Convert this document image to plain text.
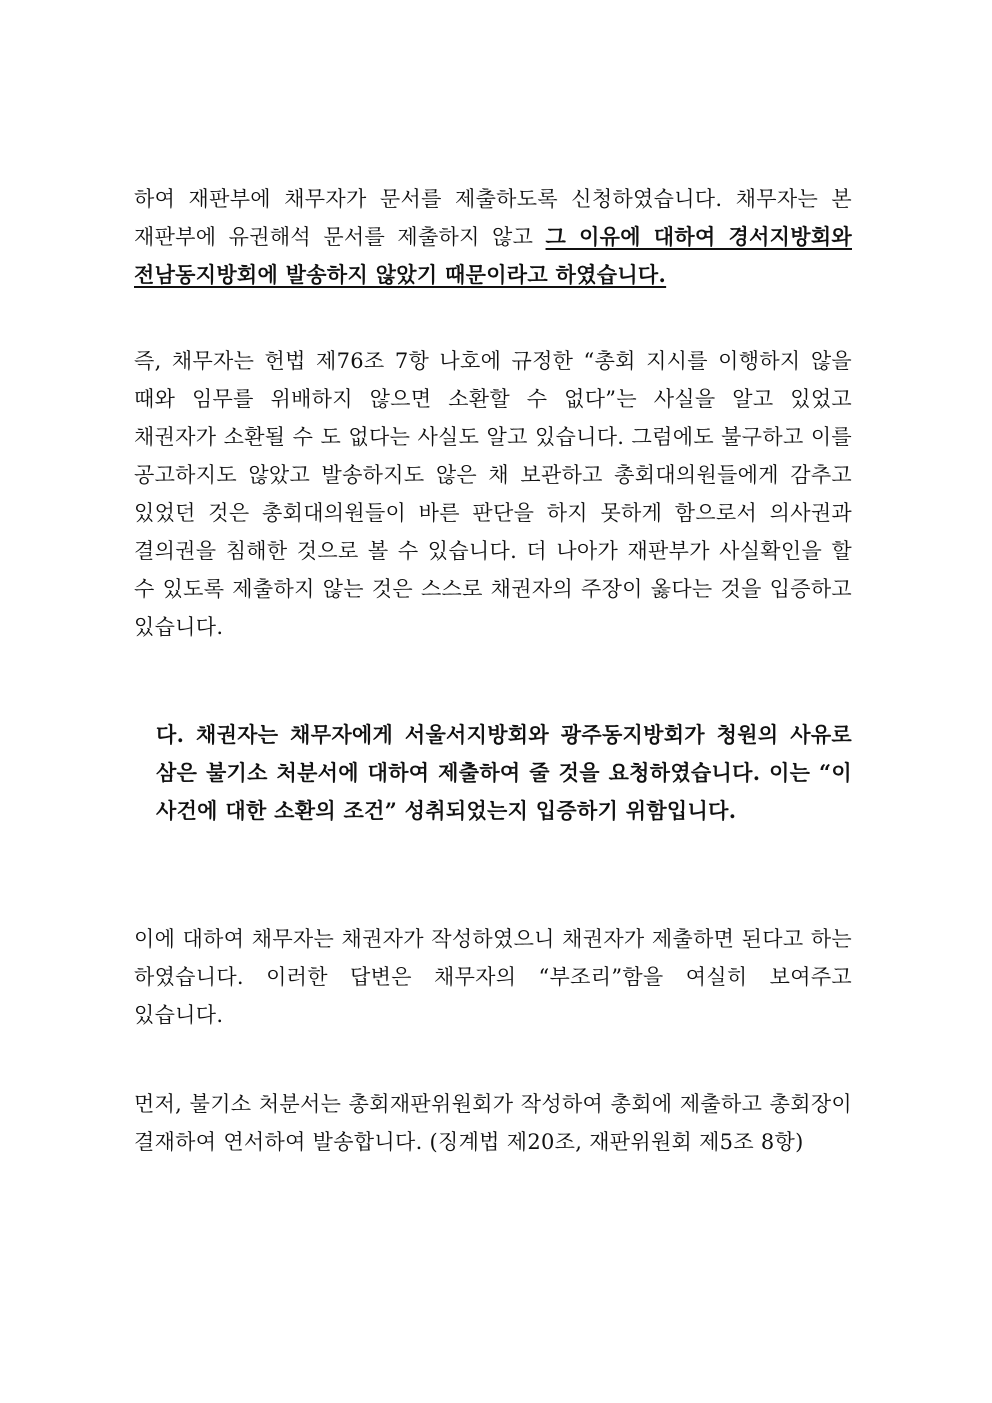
하여 재판부에 채무자가 문서를 제출하도록 신청하였습니다. 채무자는 본 재판부에 유권해석 문서를 제출하지 않고 그 이유에 대하여 경서지방회와 전남동지방회에 발송하지 않았기 때문이라고 하였습니다.

즉, 채무자는 헌법 제76조 7항 나호에 규정한 “총회 지시를 이행하지 않을 때와 임무를 위배하지 않으면 소환할 수 없다”는 사실을 알고 있었고 채권자가 소환될 수 도 없다는 사실도 알고 있습니다. 그럼에도 불구하고 이를 공고하지도 않았고 발송하지도 않은 채 보관하고 총회대의원들에게 감추고 있었던 것은 총회대의원들이 바른 판단을 하지 못하게 함으로서 의사권과 결의권을 침해한 것으로 볼 수 있습니다. 더 나아가 재판부가 사실확인을 할 수 있도록 제출하지 않는 것은 스스로 채권자의 주장이 옳다는 것을 입증하고 있습니다.

다. 채권자는 채무자에게 서울서지방회와 광주동지방회가 청원의 사유로 삼은 불기소 처분서에 대하여 제출하여 줄 것을 요청하였습니다. 이는 “이 사건에 대한 소환의 조건” 성취되었는지 입증하기 위함입니다.

이에 대하여 채무자는 채권자가 작성하였으니 채권자가 제출하면 된다고 하는 하였습니다. 이러한 답변은 채무자의 “부조리”함을 여실히 보여주고 있습니다.

먼저, 불기소 처분서는 총회재판위원회가 작성하여 총회에 제출하고 총회장이 결재하여 연서하여 발송합니다. (징계법 제20조, 재판위원회 제5조 8항)
